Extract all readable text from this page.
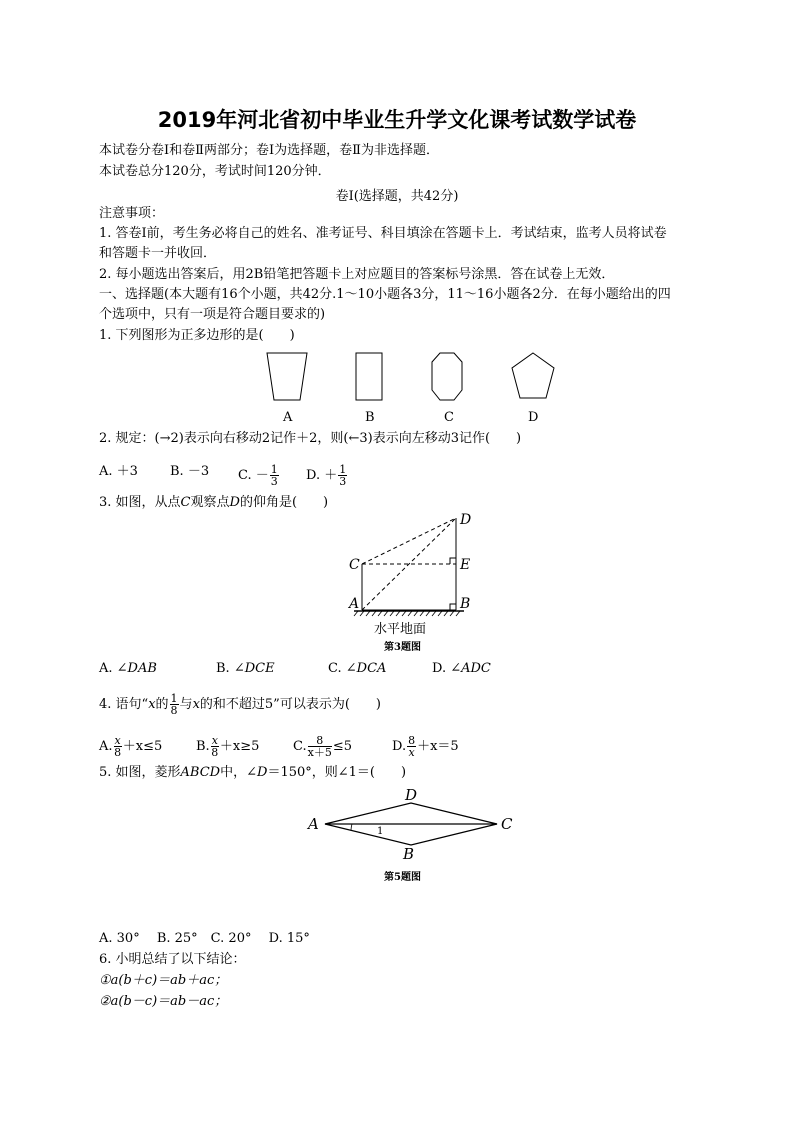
2019年河北省初中毕业生升学文化课考试数学试卷
本试卷分卷Ⅰ和卷Ⅱ两部分；卷Ⅰ为选择题，卷Ⅱ为非选择题．
本试卷总分120分，考试时间120分钟．
卷Ⅰ(选择题，共42分)
注意事项：
1. 答卷Ⅰ前，考生务必将自己的姓名、准考证号、科目填涂在答题卡上．考试结束，监考人员将试卷
和答题卡一并收回．
2. 每小题选出答案后，用2B铅笔把答题卡上对应题目的答案标号涂黑．答在试卷上无效．
一、选择题(本大题有16个小题，共42分.1～10小题各3分，11～16小题各2分．在每小题给出的四
个选项中，只有一项是符合题目要求的)
1. 下列图形为正多边形的是(　　)
A	B	C	D
2. 规定：(→2)表示向右移动2记作＋2，则(←3)表示向左移动3记作(　　)
A. ＋3 B. －3 C. － $\frac{1}{3} D$. ＋ $\frac{1}{3}$
3. 如图，从点C观察点D的仰角是(　　)
D
C	E
A	B
水平地面
第3题图
A. ∠DAB	B. ∠DCE	C. ∠DCA	D. ∠ADC
4. 语句“x的 $\frac{1}{8}$ 与x的和不超过5”可以表示为(　　)
A. $\frac{x}{8} +x\le 5$	B. $\frac{x}{8} +x\ge 5$	C. $\frac{8}{x+5} \le 5$	D. $\frac{8}{x} +x=5$
5. 如图，菱形ABCD中，∠D＝150°，则∠1＝(　　)
A
D
C
B
1
第5题图
A. 30°　 B. 25°　C. 20°　 D. 15°
6. 小明总结了以下结论：
①a(b＋c)＝ab＋ac；
②a(b－c)＝ab－ac；
